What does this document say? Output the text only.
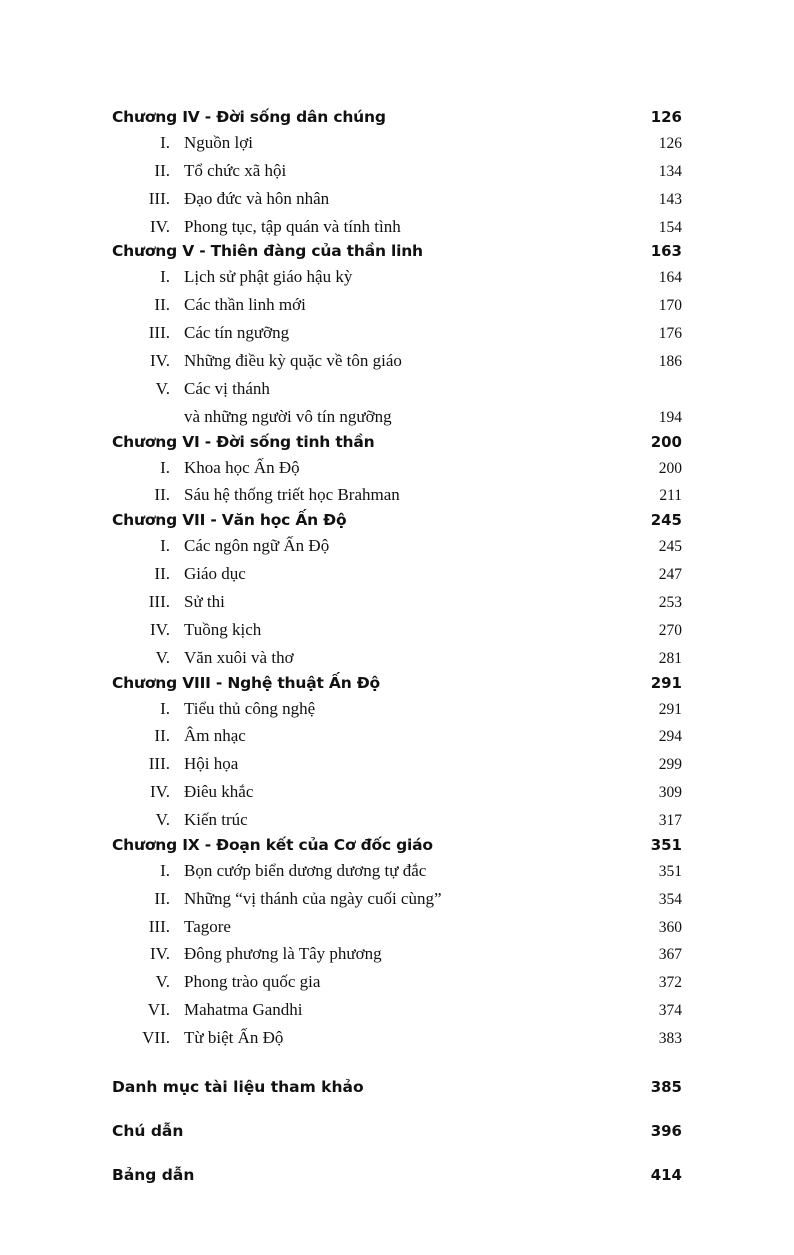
Chương IV - Đời sống dân chúng	126
I. Nguồn lợi	126
II. Tổ chức xã hội	134
III. Đạo đức và hôn nhân	143
IV. Phong tục, tập quán và tính tình	154
Chương V - Thiên đàng của thần linh	163
I. Lịch sử phật giáo hậu kỳ	164
II. Các thần linh mới	170
III. Các tín ngưỡng	176
IV. Những điều kỳ quặc về tôn giáo	186
V. Các vị thánh
và những người vô tín ngưỡng	194
Chương VI - Đời sống tinh thần	200
I. Khoa học Ấn Độ	200
II. Sáu hệ thống triết học Brahman	211
Chương VII - Văn học Ấn Độ	245
I. Các ngôn ngữ Ấn Độ	245
II. Giáo dục	247
III. Sử thi	253
IV. Tuồng kịch	270
V. Văn xuôi và thơ	281
Chương VIII - Nghệ thuật Ấn Độ	291
I. Tiểu thủ công nghệ	291
II. Âm nhạc	294
III. Hội họa	299
IV. Điêu khắc	309
V. Kiến trúc	317
Chương IX - Đoạn kết của Cơ đốc giáo	351
I. Bọn cướp biển dương dương tự đắc	351
II. Những “vị thánh của ngày cuối cùng”	354
III. Tagore	360
IV. Đông phương là Tây phương	367
V. Phong trào quốc gia	372
VI. Mahatma Gandhi	374
VII. Từ biệt Ấn Độ	383
Danh mục tài liệu tham khảo	385
Chú dẫn	396
Bảng dẫn	414
